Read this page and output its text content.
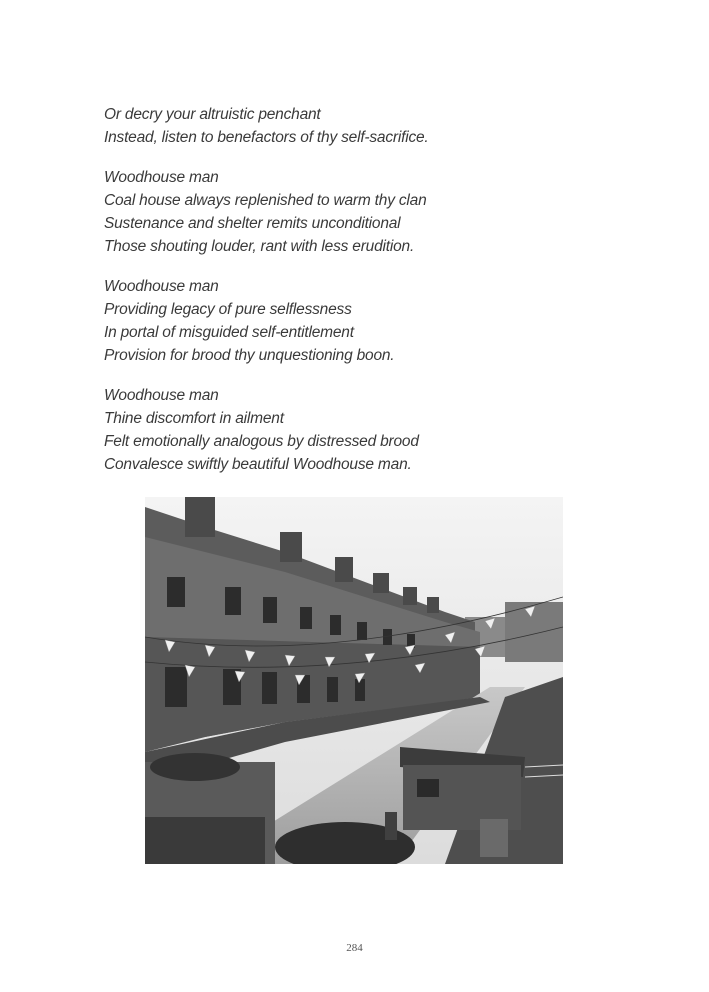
Or decry your altruistic penchant
Instead, listen to benefactors of thy self-sacrifice.
Woodhouse man
Coal house always replenished to warm thy clan
Sustenance and shelter remits unconditional
Those shouting louder, rant with less erudition.
Woodhouse man
Providing legacy of pure selflessness
In portal of misguided self-entitlement
Provision for brood thy unquestioning boon.
Woodhouse man
Thine discomfort in ailment
Felt emotionally analogous by distressed brood
Convalesce swiftly beautiful Woodhouse man.
284
